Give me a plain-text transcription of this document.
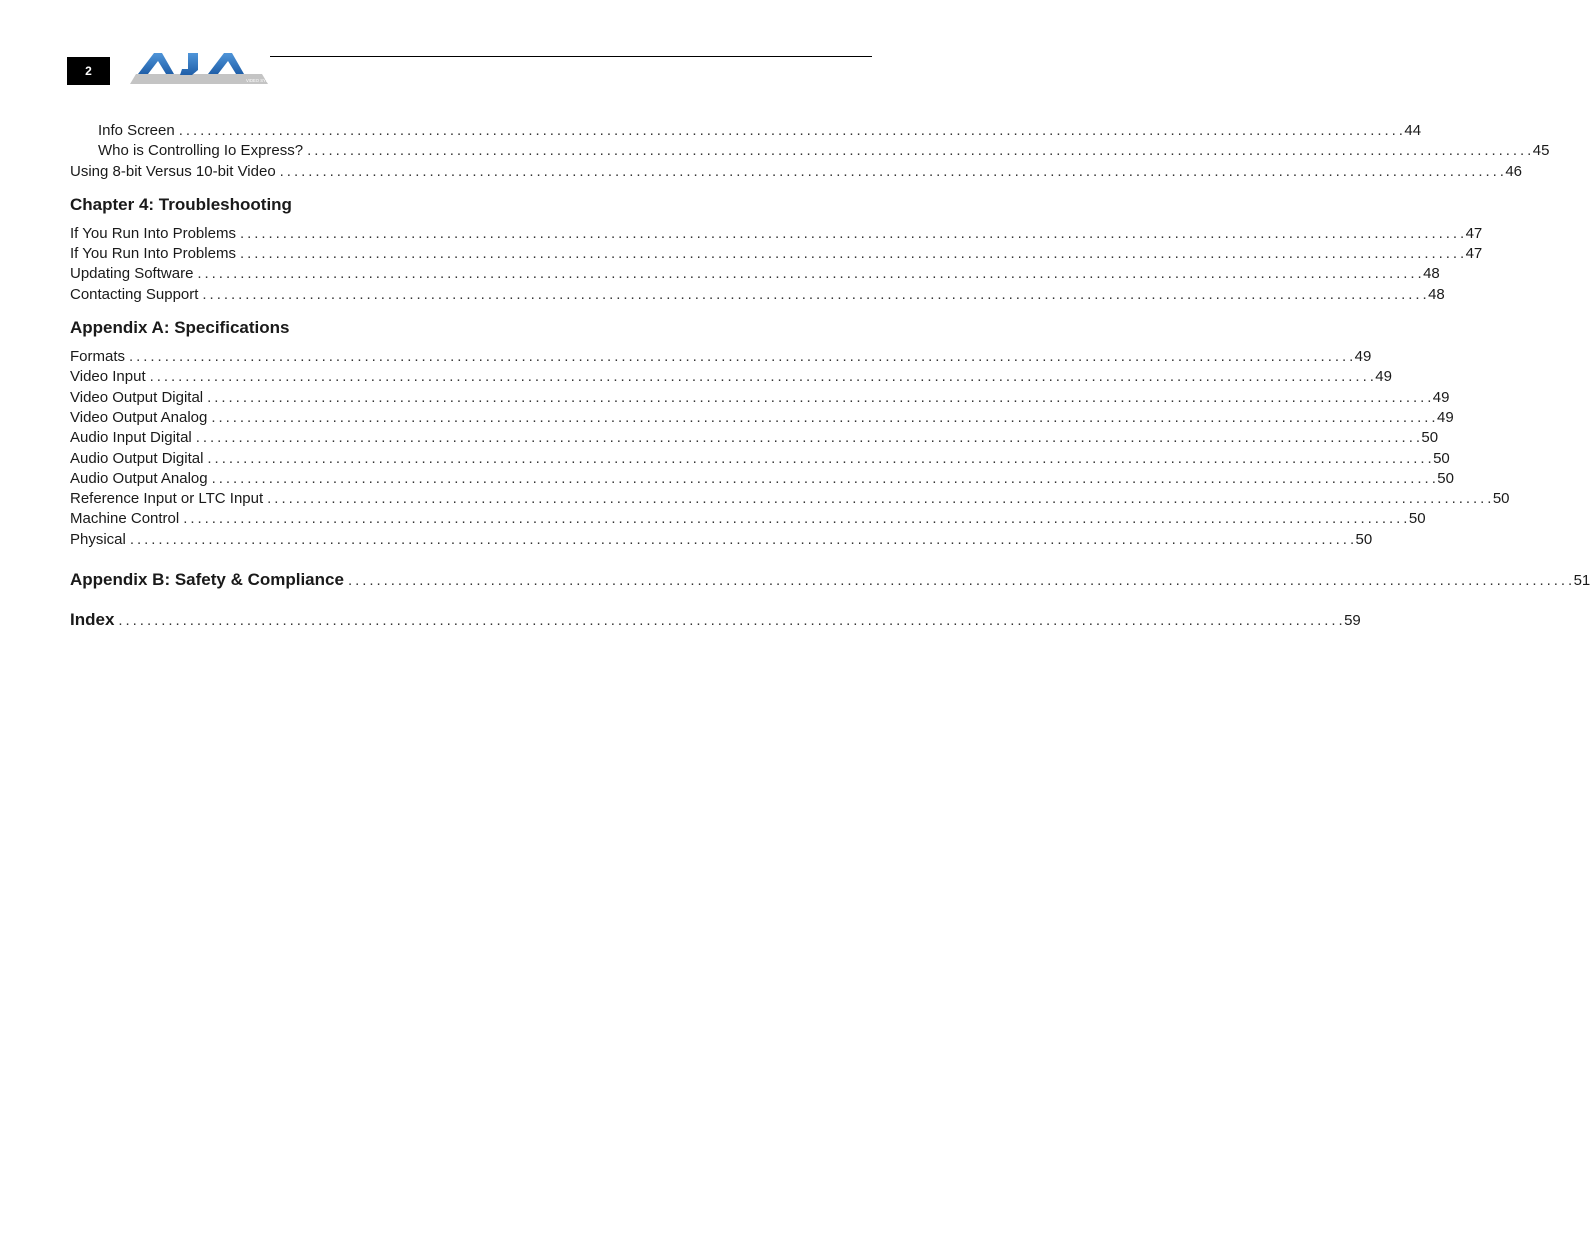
2
VIDEO SYSTEMS
Info Screen . . .	44
Who is Controlling Io Express? . . .	45
Using 8-bit Versus 10-bit Video . . .	46
Chapter 4: Troubleshooting
If You Run Into Problems . . .	47
If You Run Into Problems . . .	47
Updating Software . . .	48
Contacting Support . . .	48
Appendix A: Specifications
Formats . . .	49
Video Input . . .	49
Video Output Digital . . .	49
Video Output Analog . . .	49
Audio Input Digital . . .	50
Audio Output Digital . . .	50
Audio Output Analog . . .	50
Reference Input or LTC Input . . .	50
Machine Control . . .	50
Physical . . .	50
Appendix B: Safety & Compliance . . .	51
Index . . .	59
